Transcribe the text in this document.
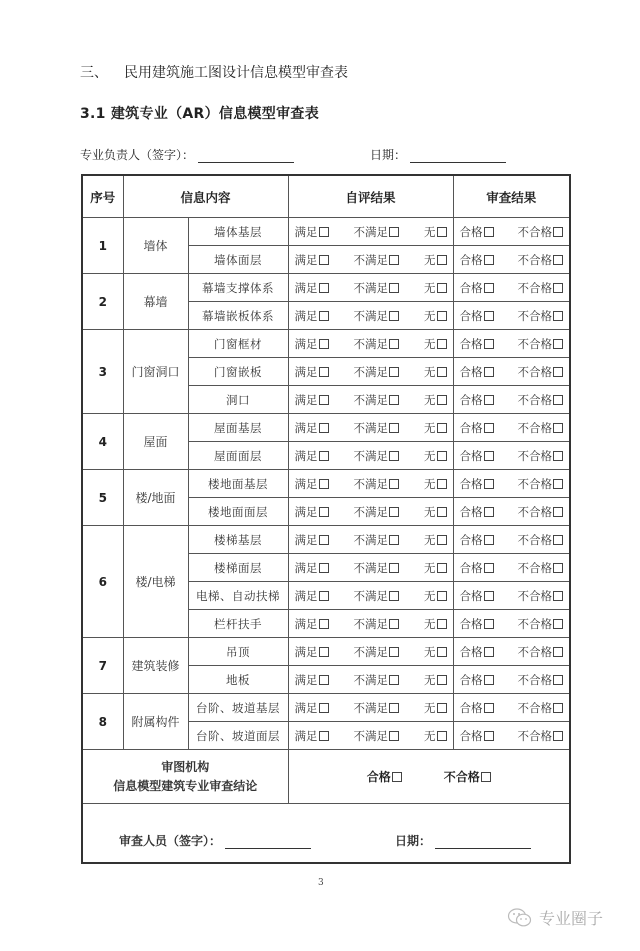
三、 民用建筑施工图设计信息模型审查表
3.1 建筑专业（AR）信息模型审查表
专业负责人（签字）：	日期：
序号	信息内容		自评结果	审查结果
1	墙体	墙体基层	满足 不满足 无	合格 不合格

		墙体面层	满足 不满足 无	合格 不合格

2	幕墙	幕墙支撑体系	满足 不满足 无	合格 不合格

		幕墙嵌板体系	满足 不满足 无	合格 不合格

3	门窗洞口	门窗框材	满足 不满足 无	合格 不合格

		门窗嵌板	满足 不满足 无	合格 不合格

		洞口	满足 不满足 无	合格 不合格

4	屋面	屋面基层	满足 不满足 无	合格 不合格

		屋面面层	满足 不满足 无	合格 不合格

5	楼/地面	楼地面基层	满足 不满足 无	合格 不合格

		楼地面面层	满足 不满足 无	合格 不合格

6	楼/电梯	楼梯基层	满足 不满足 无	合格 不合格

		楼梯面层	满足 不满足 无	合格 不合格

		电梯、自动扶梯	满足 不满足 无	合格 不合格

		栏杆扶手	满足 不满足 无	合格 不合格

7	建筑装修	吊顶	满足 不满足 无	合格 不合格

		地板	满足 不满足 无	合格 不合格

8	附属构件	台阶、坡道基层	满足 不满足 无	合格 不合格

		台阶、坡道面层	满足 不满足 无	合格 不合格

审图机构
信息模型建筑专业审查结论

合格	不合格

审查人员（签字）： 日期：				
3
专业圈子
